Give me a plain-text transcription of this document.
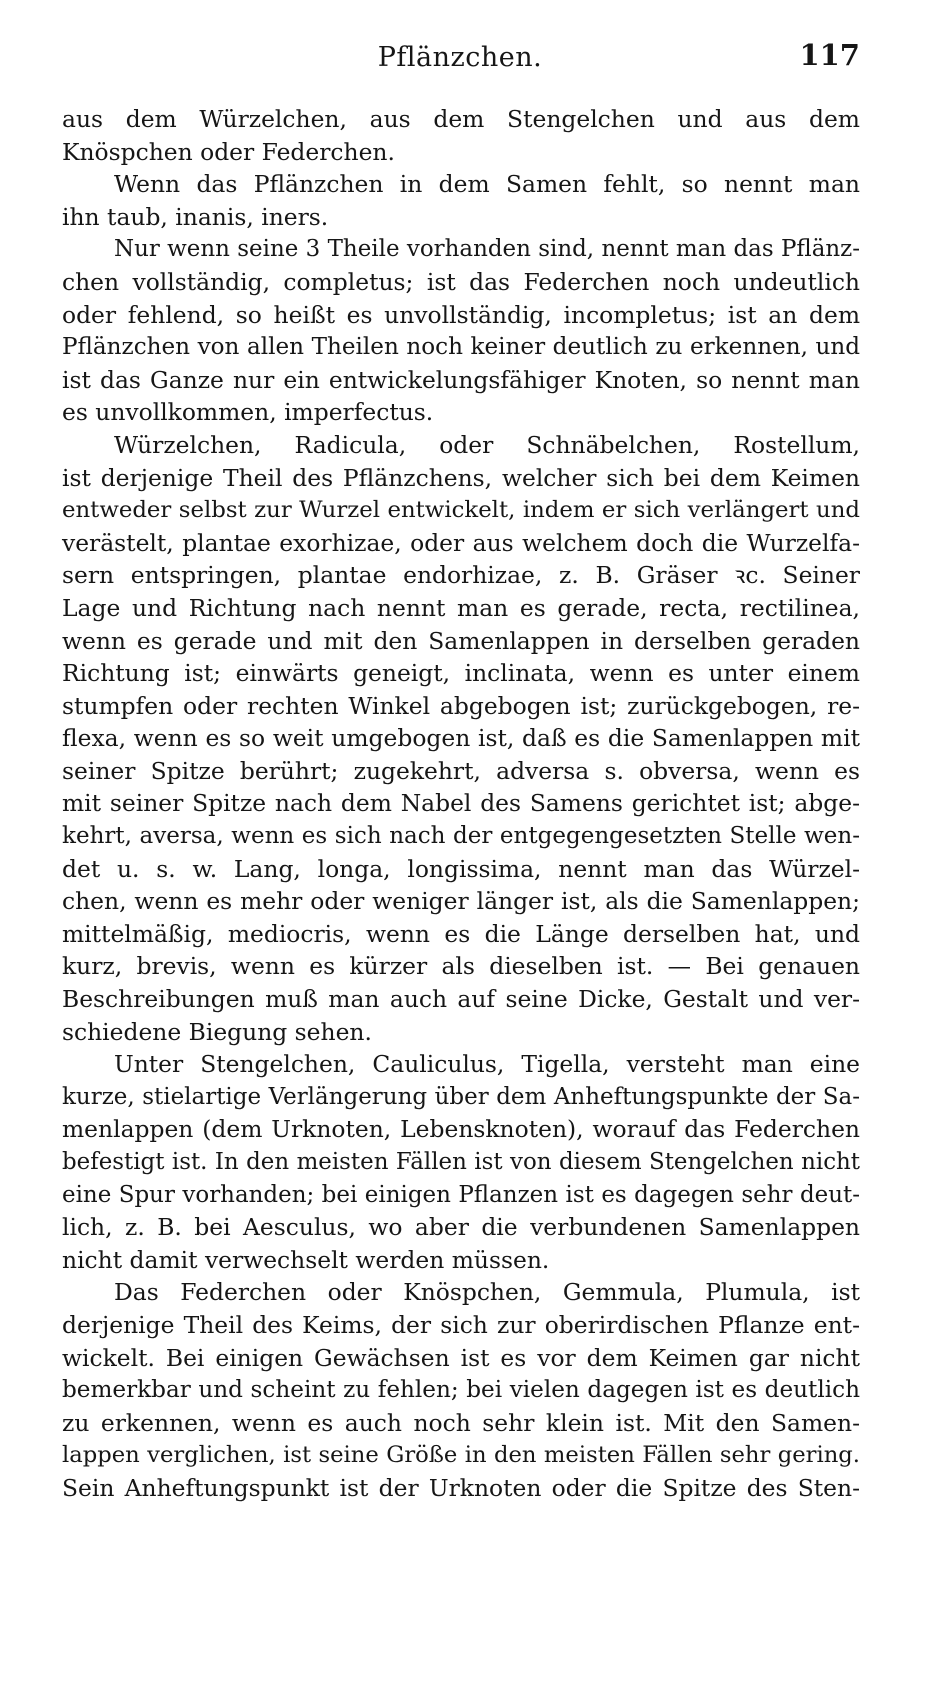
Pflänzchen.	117
aus dem Würzelchen, aus dem Stengelchen und aus dem
Knöspchen oder Federchen.
Wenn das Pflänzchen in dem Samen fehlt, so nennt man
ihn taub, inanis, iners.
Nur wenn seine 3 Theile vorhanden sind, nennt man das Pflänz-
chen vollständig, completus; ist das Federchen noch undeutlich
oder fehlend, so heißt es unvollständig, incompletus; ist an dem
Pflänzchen von allen Theilen noch keiner deutlich zu erkennen, und
ist das Ganze nur ein entwickelungsfähiger Knoten, so nennt man
es unvollkommen, imperfectus.
Würzelchen, Radicula, oder Schnäbelchen, Rostellum,
ist derjenige Theil des Pflänzchens, welcher sich bei dem Keimen
entweder selbst zur Wurzel entwickelt, indem er sich verlängert und
verästelt, plantae exorhizae, oder aus welchem doch die Wurzelfa-
sern entspringen, plantae endorhizae, z. B. Gräser ꝛc. Seiner
Lage und Richtung nach nennt man es gerade, recta, rectilinea,
wenn es gerade und mit den Samenlappen in derselben geraden
Richtung ist; einwärts geneigt, inclinata, wenn es unter einem
stumpfen oder rechten Winkel abgebogen ist; zurückgebogen, re-
flexa, wenn es so weit umgebogen ist, daß es die Samenlappen mit
seiner Spitze berührt; zugekehrt, adversa s. obversa, wenn es
mit seiner Spitze nach dem Nabel des Samens gerichtet ist; abge-
kehrt, aversa, wenn es sich nach der entgegengesetzten Stelle wen-
det u. s. w. Lang, longa, longissima, nennt man das Würzel-
chen, wenn es mehr oder weniger länger ist, als die Samenlappen;
mittelmäßig, mediocris, wenn es die Länge derselben hat, und
kurz, brevis, wenn es kürzer als dieselben ist. — Bei genauen
Beschreibungen muß man auch auf seine Dicke, Gestalt und ver-
schiedene Biegung sehen.
Unter Stengelchen, Cauliculus, Tigella, versteht man eine
kurze, stielartige Verlängerung über dem Anheftungspunkte der Sa-
menlappen (dem Urknoten, Lebensknoten), worauf das Federchen
befestigt ist. In den meisten Fällen ist von diesem Stengelchen nicht
eine Spur vorhanden; bei einigen Pflanzen ist es dagegen sehr deut-
lich, z. B. bei Aesculus, wo aber die verbundenen Samenlappen
nicht damit verwechselt werden müssen.
Das Federchen oder Knöspchen, Gemmula, Plumula, ist
derjenige Theil des Keims, der sich zur oberirdischen Pflanze ent-
wickelt. Bei einigen Gewächsen ist es vor dem Keimen gar nicht
bemerkbar und scheint zu fehlen; bei vielen dagegen ist es deutlich
zu erkennen, wenn es auch noch sehr klein ist. Mit den Samen-
lappen verglichen, ist seine Größe in den meisten Fällen sehr gering.
Sein Anheftungspunkt ist der Urknoten oder die Spitze des Sten-
